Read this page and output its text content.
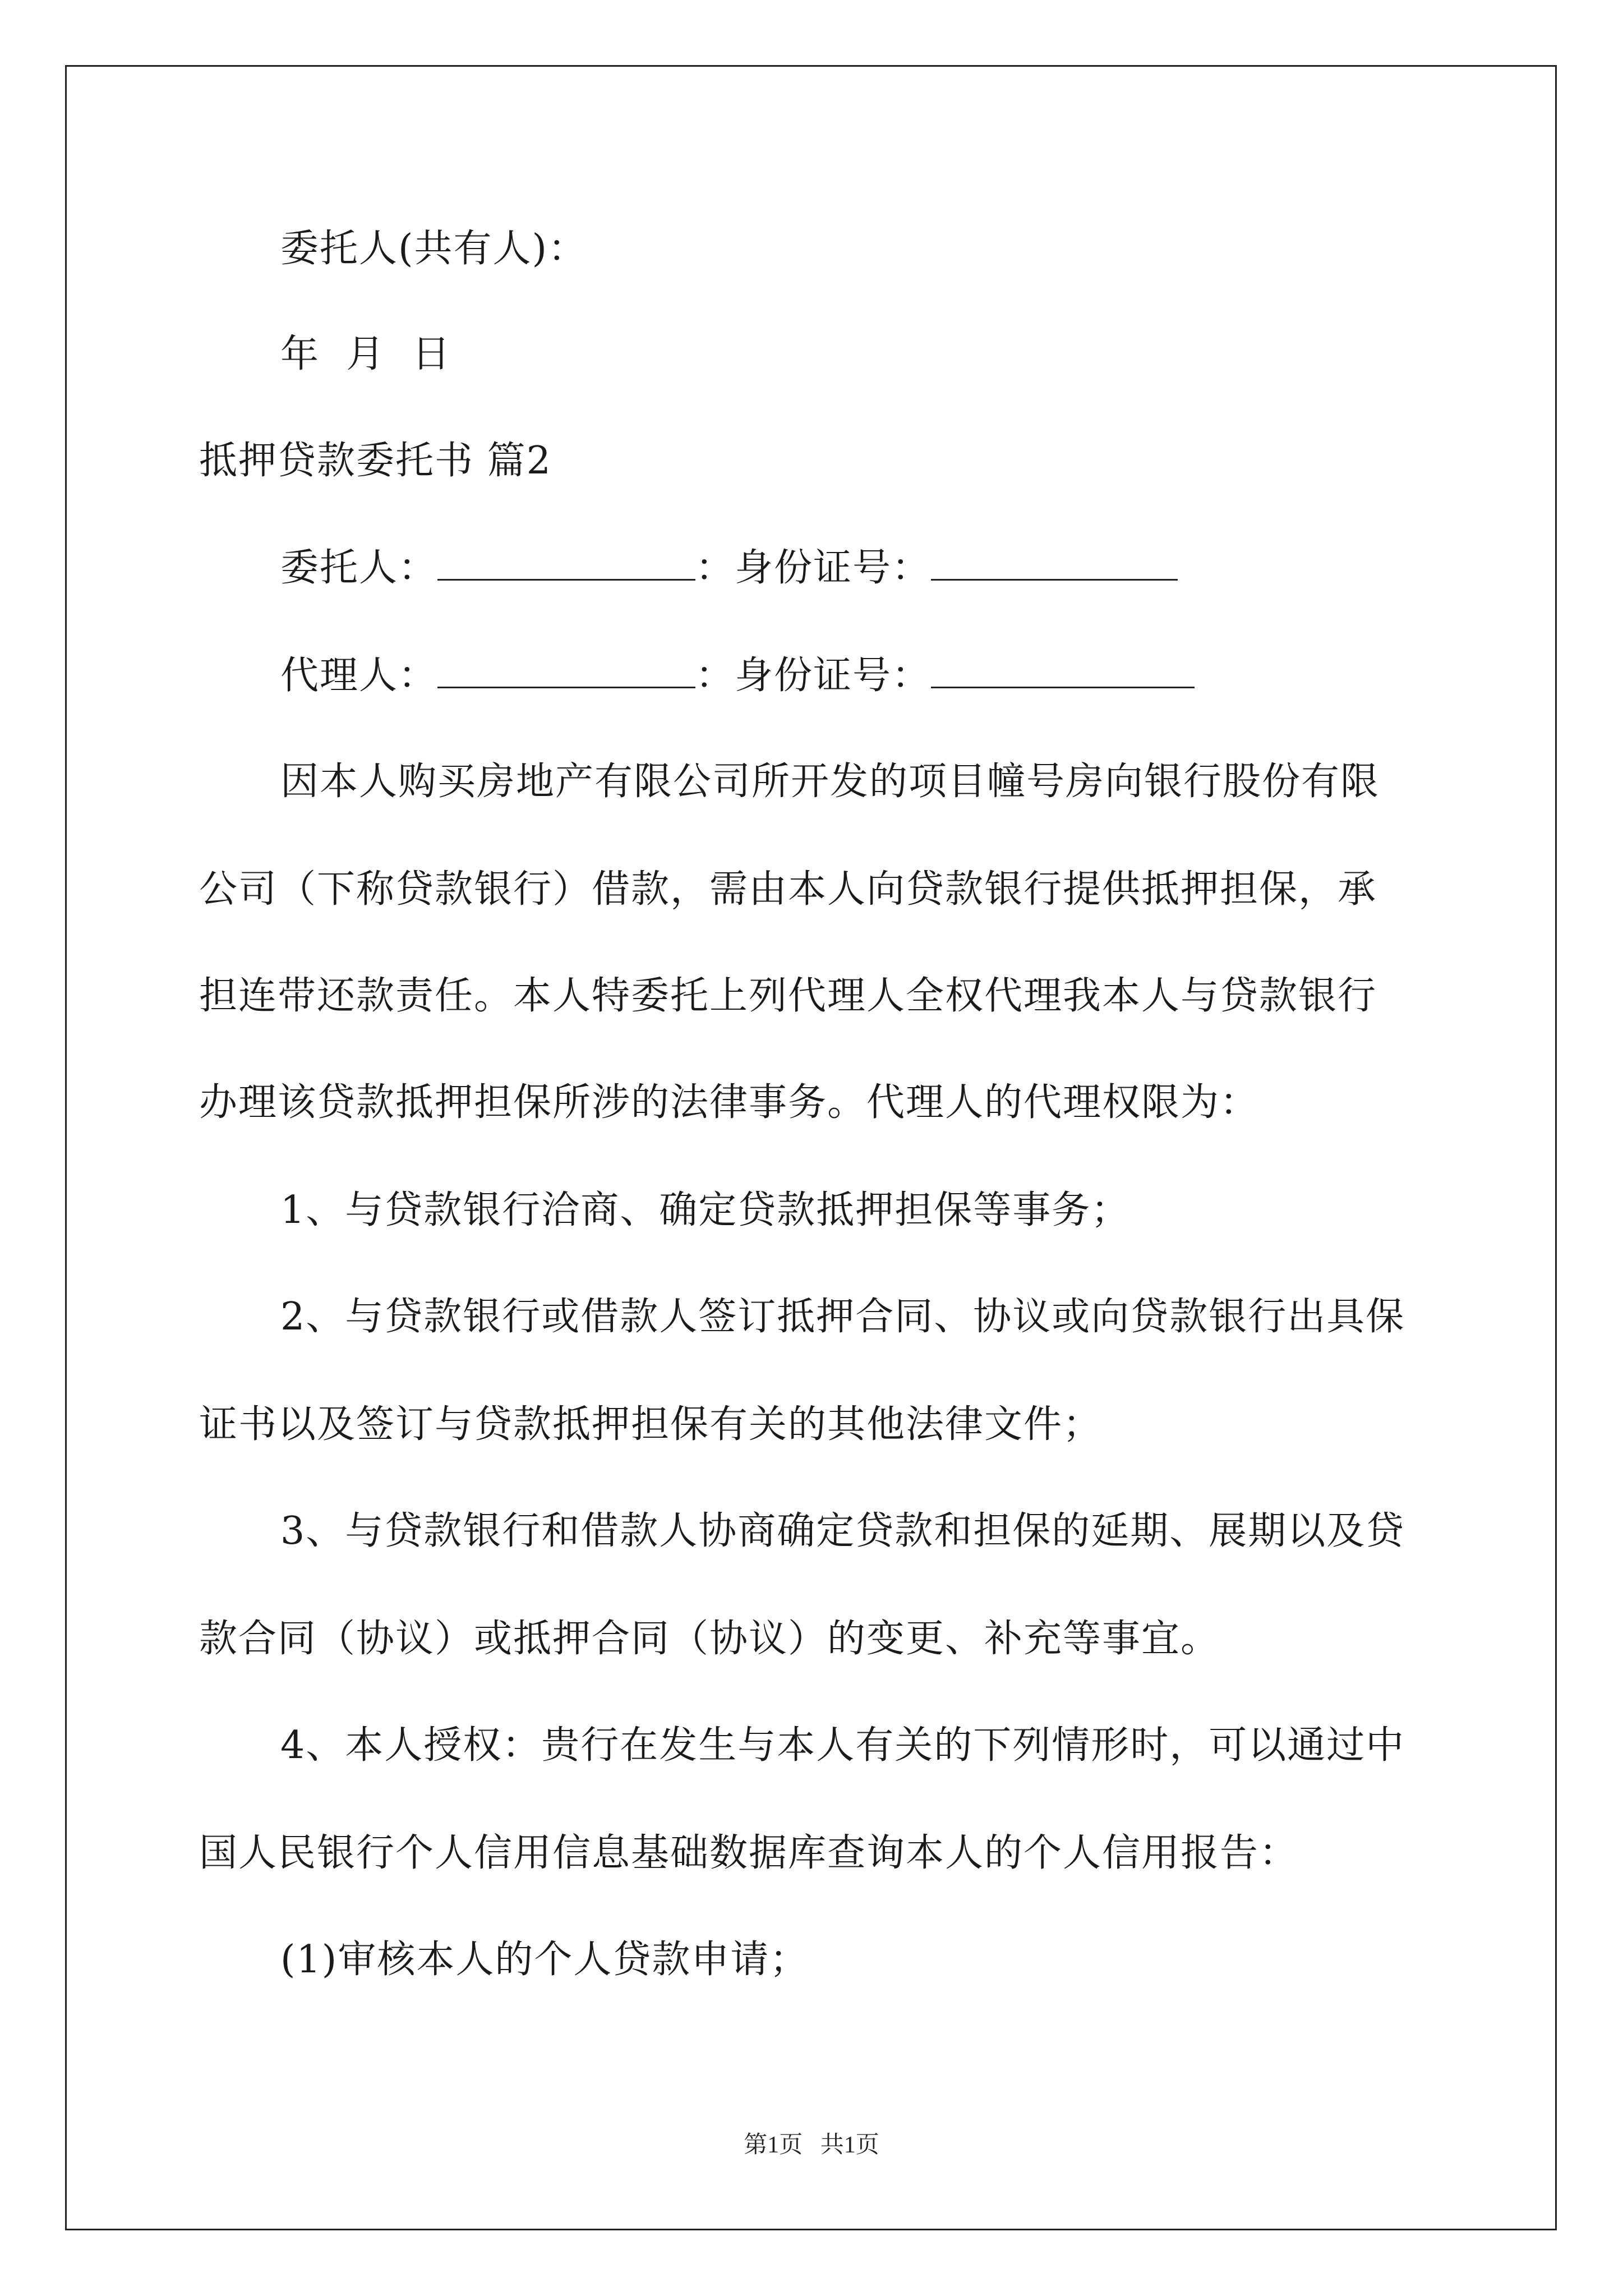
委托人(共有人)：
年  月  日
抵押贷款委托书 篇2
委托人：	：身份证号：
代理人：	：身份证号：
因本人购买房地产有限公司所开发的项目幢号房向银行股份有限
公司（下称贷款银行）借款，需由本人向贷款银行提供抵押担保，承
担连带还款责任。本人特委托上列代理人全权代理我本人与贷款银行
办理该贷款抵押担保所涉的法律事务。代理人的代理权限为：
1、与贷款银行洽商、确定贷款抵押担保等事务；
2、与贷款银行或借款人签订抵押合同、协议或向贷款银行出具保
证书以及签订与贷款抵押担保有关的其他法律文件；
3、与贷款银行和借款人协商确定贷款和担保的延期、展期以及贷
款合同（协议）或抵押合同（协议）的变更、补充等事宜。
4、本人授权：贵行在发生与本人有关的下列情形时，可以通过中
国人民银行个人信用信息基础数据库查询本人的个人信用报告：
(1)审核本人的个人贷款申请；
第1页   共1页
